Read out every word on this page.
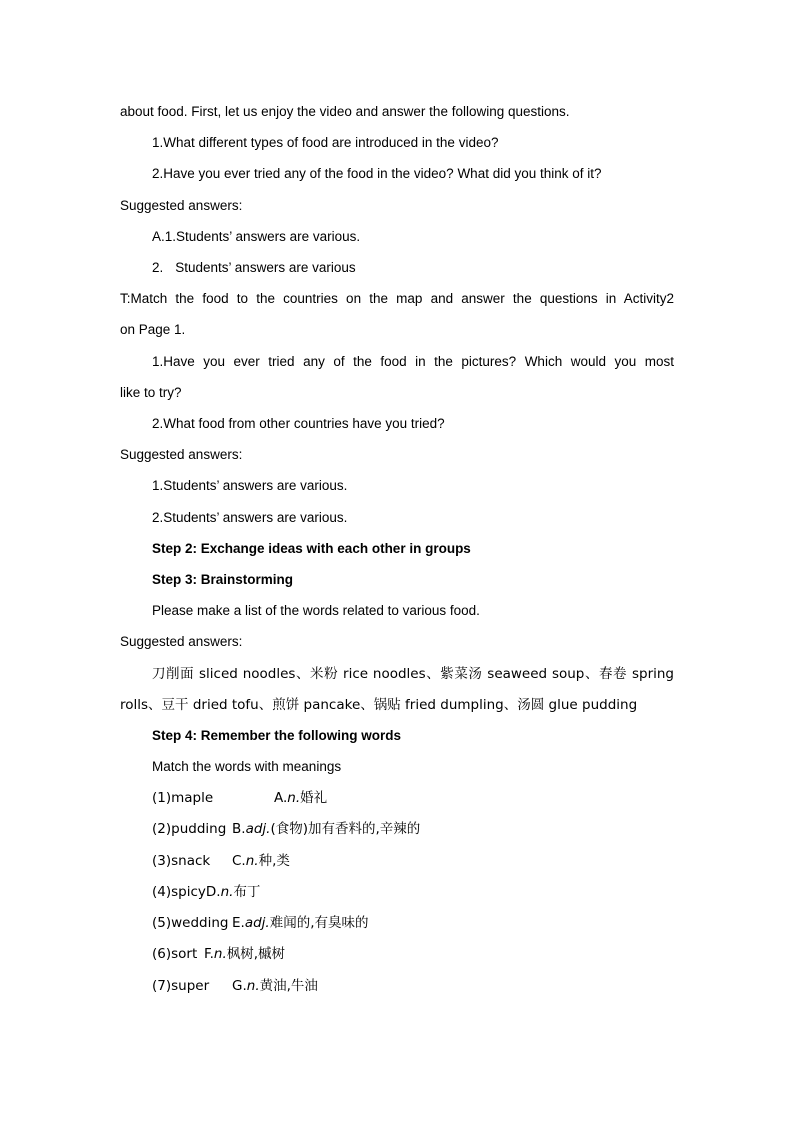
about food. First, let us enjoy the video and answer the following questions.
1.What different types of food are introduced in the video?
2.Have you ever tried any of the food in the video? What did you think of it?
Suggested answers:
A.1.Students’ answers are various.
2. Students’ answers are various
T:Match the food to the countries on the map and answer the questions in Activity2
on Page 1.
1.Have you ever tried any of the food in the pictures? Which would you most
like to try?
2.What food from other countries have you tried?
Suggested answers:
1.Students’ answers are various.
2.Students’ answers are various.
Step 2: Exchange ideas with each other in groups
Step 3: Brainstorming
Please make a list of the words related to various food.
Suggested answers:
刀削面 sliced noodles、米粉 rice noodles、紫菜汤 seaweed soup、春卷 spring
rolls、豆干 dried tofu、煎饼 pancake、锅贴 fried dumpling、汤圆 glue pudding
Step 4: Remember the following words
Match the words with meanings
(1)maple	A.n.婚礼
(2)pudding B.adj.(食物)加有香料的,辛辣的
(3)snack C.n.种,类
(4)spicyD.n.布丁
(5)wedding E.adj.难闻的,有臭味的
(6)sort F.n.枫树,槭树
(7)super G.n.黄油,牛油
